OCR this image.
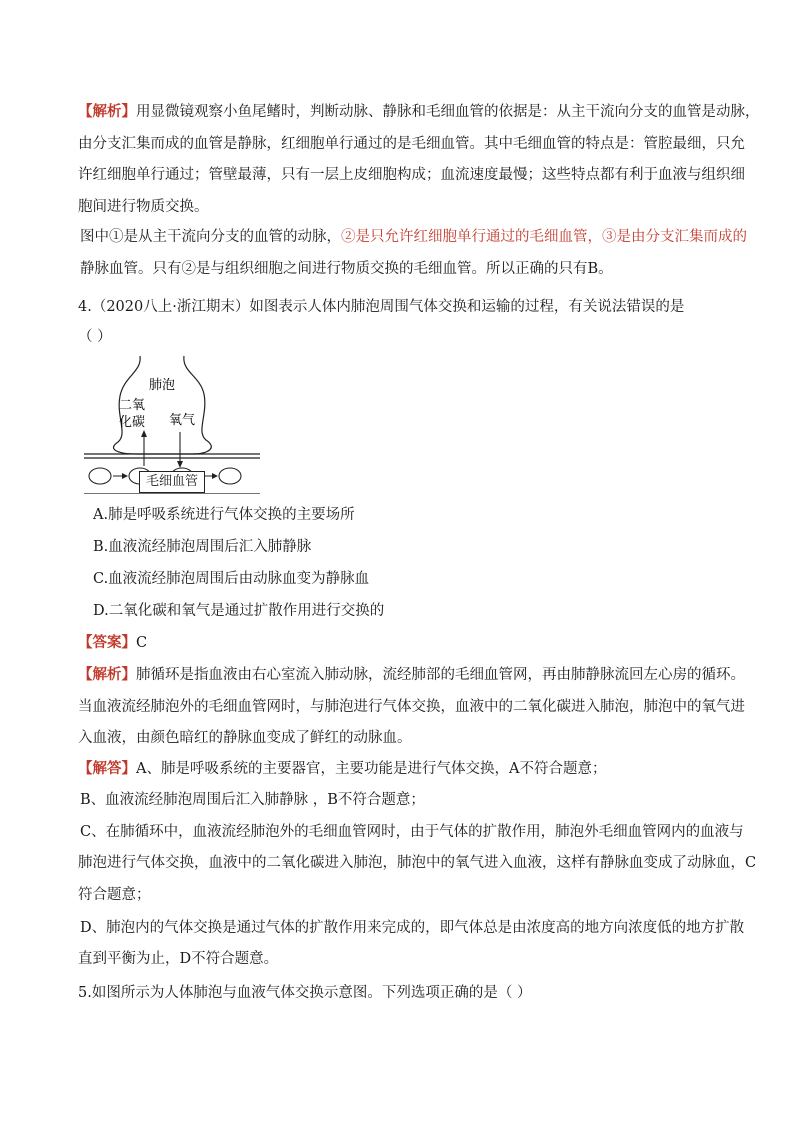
【解析】用显微镜观察小鱼尾鳍时，判断动脉、静脉和毛细血管的依据是：从主干流向分支的血管是动脉，
由分支汇集而成的血管是静脉，红细胞单行通过的是毛细血管。其中毛细血管的特点是：管腔最细，只允
许红细胞单行通过；管壁最薄，只有一层上皮细胞构成；血流速度最慢；这些特点都有利于血液与组织细
胞间进行物质交换。
图中①是从主干流向分支的血管的动脉，②是只允许红细胞单行通过的毛细血管，③是由分支汇集而成的
静脉血管。只有②是与组织细胞之间进行物质交换的毛细血管。所以正确的只有B。
4.（2020八上·浙江期末）如图表示人体内肺泡周围气体交换和运输的过程，有关说法错误的是
（ ）
肺泡
二氧
化碳 氧气
毛细血管
A.肺是呼吸系统进行气体交换的主要场所
B.血液流经肺泡周围后汇入肺静脉
C.血液流经肺泡周围后由动脉血变为静脉血
D.二氧化碳和氧气是通过扩散作用进行交换的
【答案】C
【解析】肺循环是指血液由右心室流入肺动脉，流经肺部的毛细血管网，再由肺静脉流回左心房的循环。
当血液流经肺泡外的毛细血管网时，与肺泡进行气体交换，血液中的二氧化碳进入肺泡，肺泡中的氧气进
入血液，由颜色暗红的静脉血变成了鲜红的动脉血。
【解答】A、肺是呼吸系统的主要器官，主要功能是进行气体交换，A不符合题意；
B、血液流经肺泡周围后汇入肺静脉 ，B不符合题意；
C、在肺循环中，血液流经肺泡外的毛细血管网时，由于气体的扩散作用，肺泡外毛细血管网内的血液与
肺泡进行气体交换，血液中的二氧化碳进入肺泡，肺泡中的氧气进入血液，这样有静脉血变成了动脉血，C
符合题意；
D、肺泡内的气体交换是通过气体的扩散作用来完成的，即气体总是由浓度高的地方向浓度低的地方扩散
直到平衡为止，D不符合题意。
5.如图所示为人体肺泡与血液气体交换示意图。下列选项正确的是（ ）
